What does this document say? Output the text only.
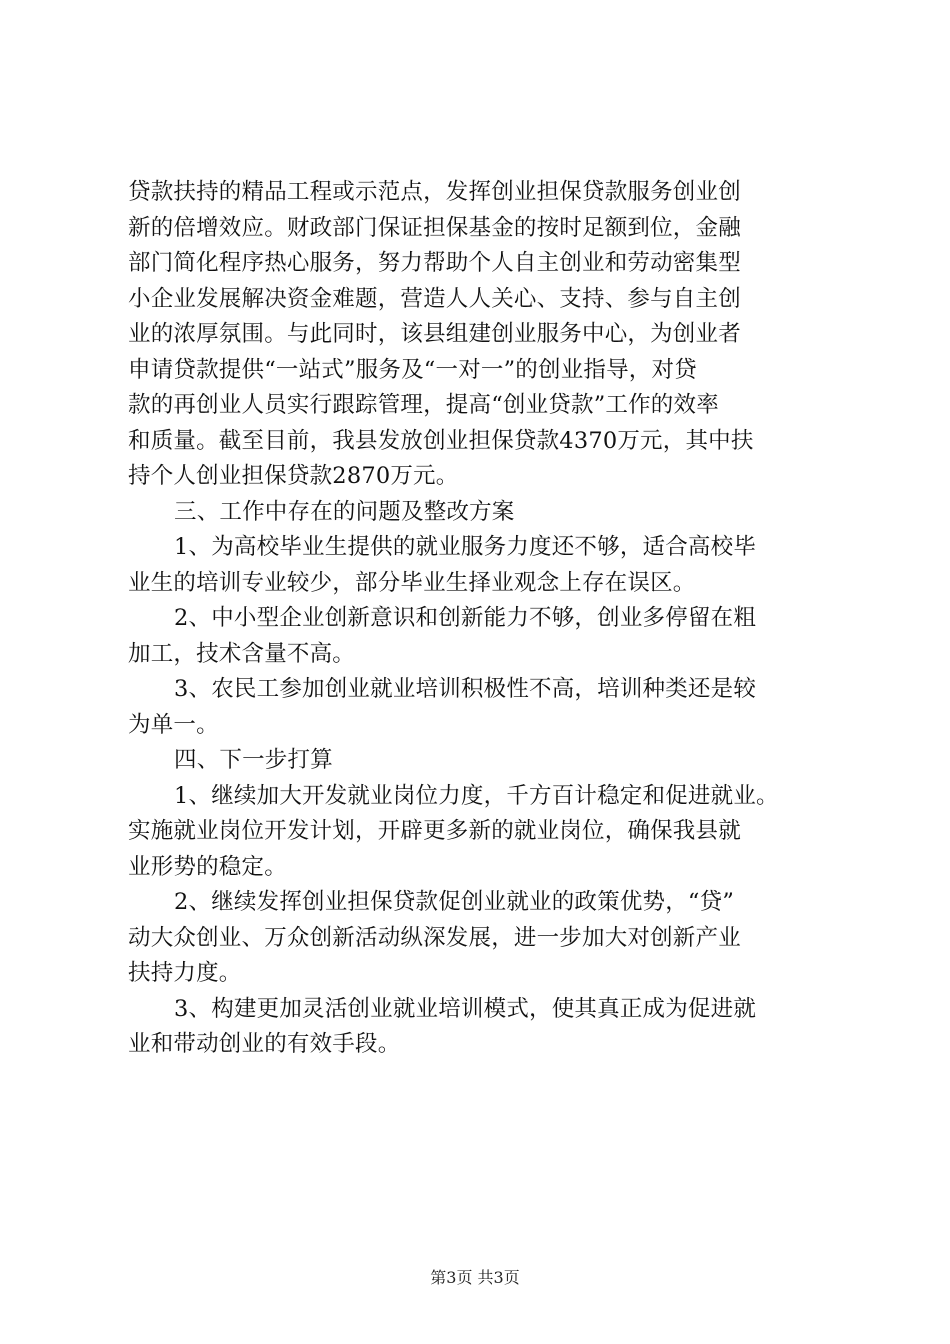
贷款扶持的精品工程或示范点，发挥创业担保贷款服务创业创
新的倍增效应。财政部门保证担保基金的按时足额到位，金融
部门简化程序热心服务，努力帮助个人自主创业和劳动密集型
小企业发展解决资金难题，营造人人关心、支持、参与自主创
业的浓厚氛围。与此同时，该县组建创业服务中心，为创业者
申请贷款提供“一站式”服务及“一对一”的创业指导，对贷
款的再创业人员实行跟踪管理，提高“创业贷款”工作的效率
和质量。截至目前，我县发放创业担保贷款4370万元，其中扶
持个人创业担保贷款2870万元。
三、工作中存在的问题及整改方案
1、为高校毕业生提供的就业服务力度还不够，适合高校毕
业生的培训专业较少，部分毕业生择业观念上存在误区。
2、中小型企业创新意识和创新能力不够，创业多停留在粗
加工，技术含量不高。
3、农民工参加创业就业培训积极性不高，培训种类还是较
为单一。
四、下一步打算
1、继续加大开发就业岗位力度，千方百计稳定和促进就业。
实施就业岗位开发计划，开辟更多新的就业岗位，确保我县就
业形势的稳定。
2、继续发挥创业担保贷款促创业就业的政策优势，“贷”
动大众创业、万众创新活动纵深发展，进一步加大对创新产业
扶持力度。
3、构建更加灵活创业就业培训模式，使其真正成为促进就
业和带动创业的有效手段。
第3页 共3页
